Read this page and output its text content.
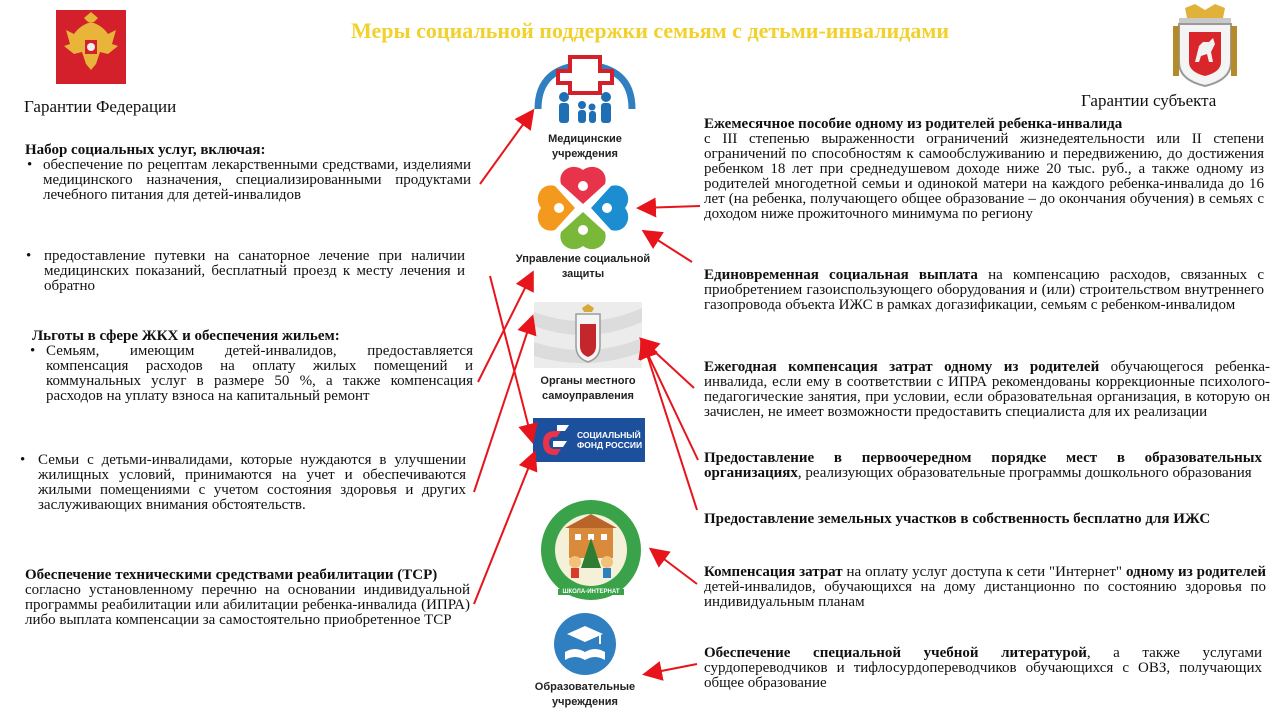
Меры социальной поддержки семьям с детьми-инвалидами
Гарантии Федерации	Гарантии субъекта
Набор социальных услуг, включая:
• обеспечение по рецептам лекарственными средствами, изделиями медицинского назначения, специализированными продуктами лечебного питания для детей-инвалидов
• предоставление путевки на санаторное лечение при наличии медицинских показаний, бесплатный проезд к месту лечения и обратно
Льготы в сфере ЖКХ и обеспечения жильем:
• Семьям, имеющим детей-инвалидов, предоставляется компенсация расходов на оплату жилых помещений и коммунальных услуг в размере 50 %, а также компенсация расходов на уплату взноса на капитальный ремонт
• Семьи с детьми-инвалидами, которые нуждаются в улучшении жилищных условий, принимаются на учет и обеспечиваются жилыми помещениями с учетом состояния здоровья и других заслуживающих внимания обстоятельств.
Обеспечение техническими средствами реабилитации (ТСР)
согласно установленному перечню на основании индивидуальной программы реабилитации или абилитации ребенка-инвалида (ИПРА) либо выплата компенсации за самостоятельно приобретенное ТСР
Медицинские учреждения
Управление социальной защиты
Органы местного самоуправления
СОЦИАЛЬНЫЙ
ФОНД РОССИИ
ШКОЛА-ИНТЕРНАТ
Образовательные учреждения
Ежемесячное пособие одному из родителей ребенка-инвалида
с III степенью выраженности ограничений жизнедеятельности или II степени ограничений по способностям к самообслуживанию и передвижению, до достижения ребенком 18 лет при среднедушевом доходе ниже 20 тыс. руб., а также одному из родителей многодетной семьи и одинокой матери на каждого ребенка-инвалида до 16 лет (на ребенка, получающего общее образование – до окончания обучения) в семьях с доходом ниже прожиточного минимума по региону
Единовременная социальная выплата на компенсацию расходов, связанных с приобретением газоиспользующего оборудования и (или) строительством внутреннего газопровода объекта ИЖС в рамках догазификации, семьям с ребенком-инвалидом
Ежегодная компенсация затрат одному из родителей обучающегося ребенка-инвалида, если ему в соответствии с ИПРА рекомендованы коррекционные психолого-педагогические занятия, при условии, если образовательная организация, в которую он зачислен, не имеет возможности предоставить специалиста для их реализации
Предоставление в первоочередном порядке мест в образовательных организациях, реализующих образовательные программы дошкольного образования
Предоставление земельных участков в собственность бесплатно для ИЖС
Компенсация затрат на оплату услуг доступа к сети "Интернет" одному из родителей детей-инвалидов, обучающихся на дому дистанционно по состоянию здоровья по индивидуальным планам
Обеспечение специальной учебной литературой, а также услугами сурдопереводчиков и тифлосурдопереводчиков обучающихся с ОВЗ, получающих общее образование
